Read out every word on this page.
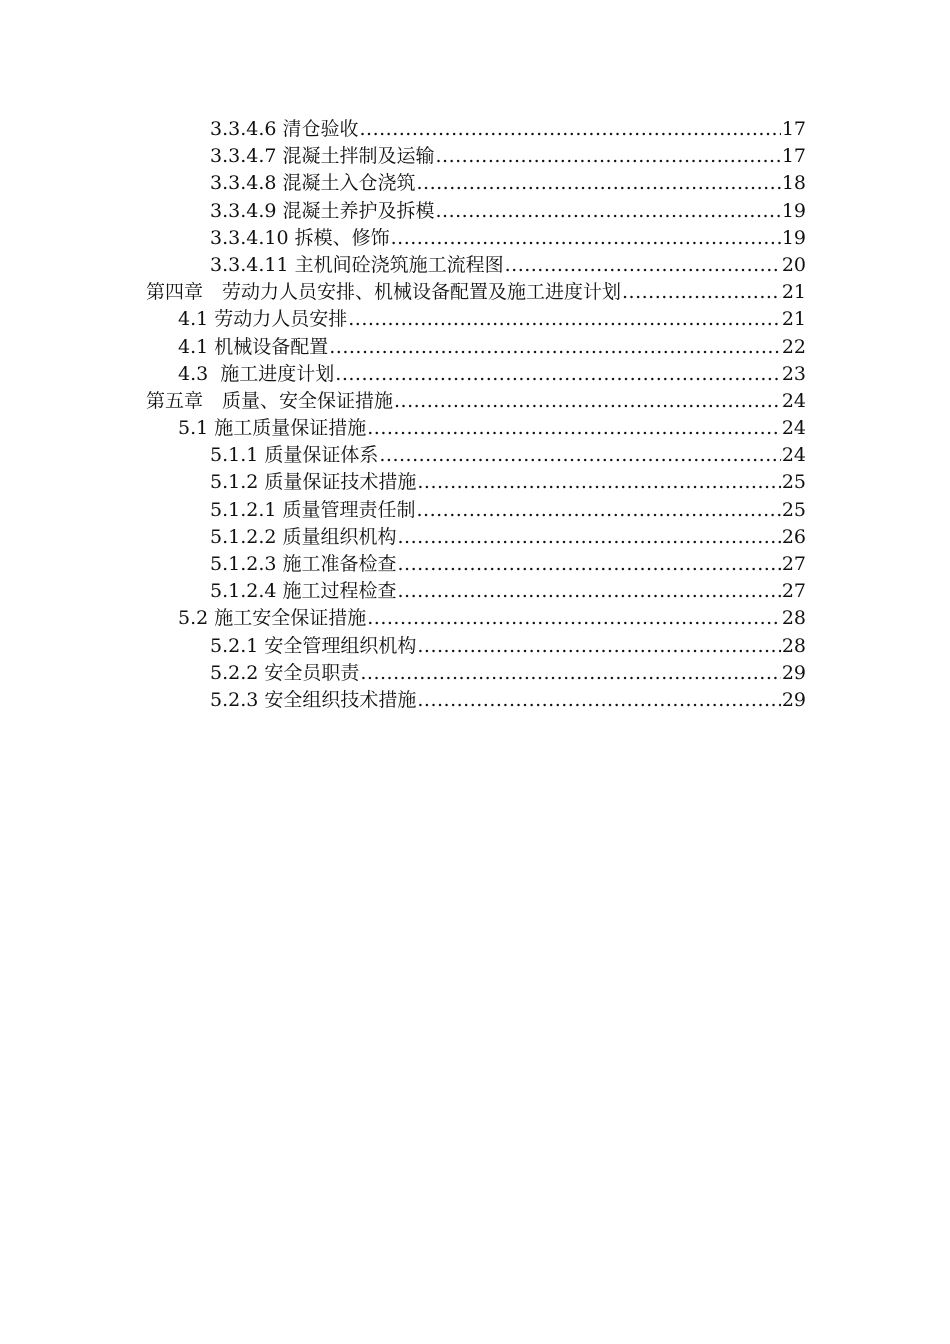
3.3.4.6 清仓验收 .....	17
3.3.4.7 混凝土拌制及运输 .....	17
3.3.4.8 混凝土入仓浇筑 .....	18
3.3.4.9 混凝土养护及拆模 .....	19
3.3.4.10 拆模、修饰 .....	19
3.3.4.11 主机间砼浇筑施工流程图 .....	20
第四章　劳动力人员安排、机械设备配置及施工进度计划 .....	21
4.1 劳动力人员安排 .....	21
4.1 机械设备配置 .....	22
4.3  施工进度计划 .....	23
第五章　质量、安全保证措施 .....	24
5.1 施工质量保证措施 .....	24
5.1.1 质量保证体系 .....	24
5.1.2 质量保证技术措施 .....	25
5.1.2.1 质量管理责任制 .....	25
5.1.2.2 质量组织机构 .....	26
5.1.2.3 施工准备检查 .....	27
5.1.2.4 施工过程检查 .....	27
5.2 施工安全保证措施 .....	28
5.2.1 安全管理组织机构 .....	28
5.2.2 安全员职责 .....	29
5.2.3 安全组织技术措施 .....	29
